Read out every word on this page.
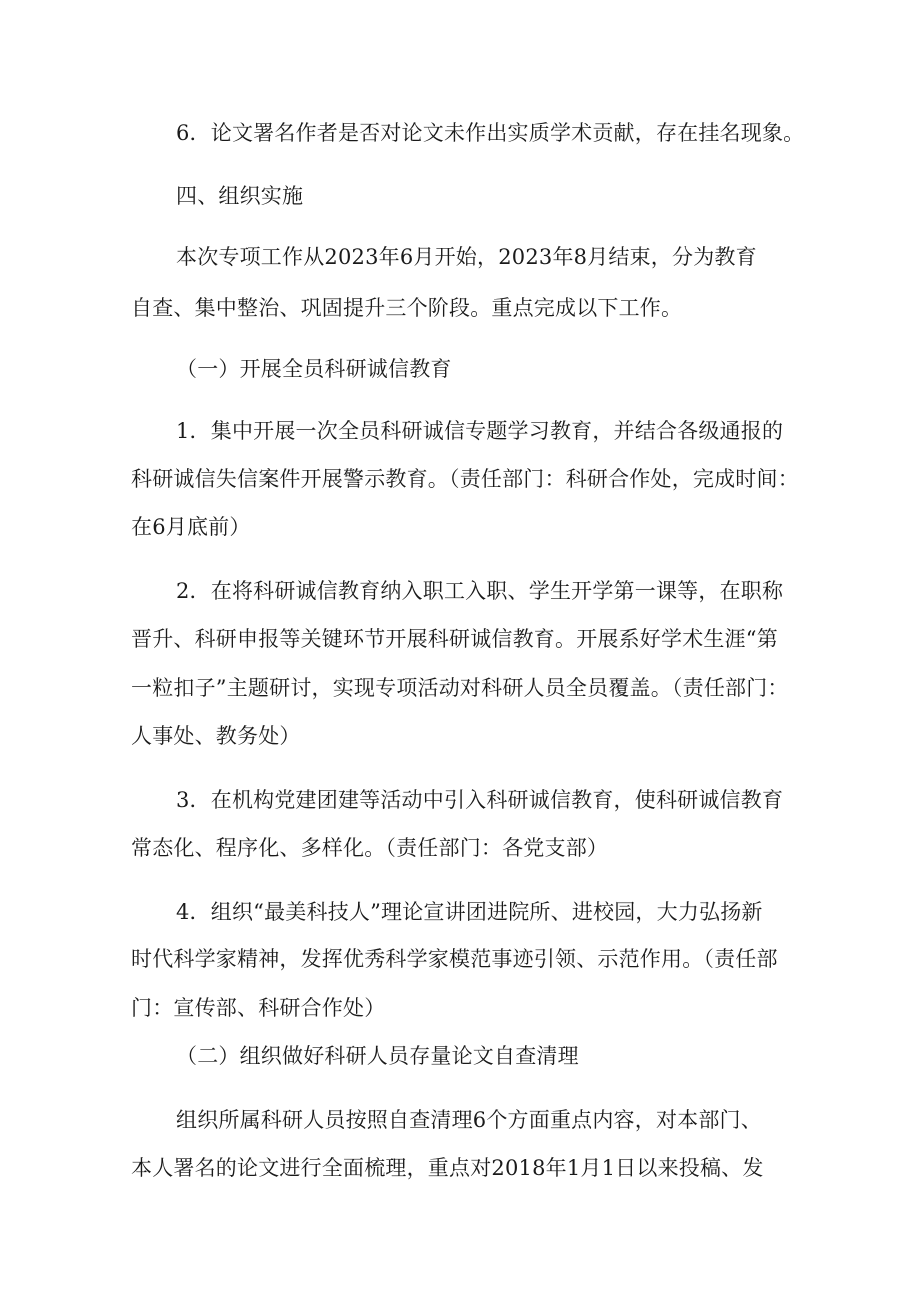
6．论文署名作者是否对论文未作出实质学术贡献，存在挂名现象。
四、组织实施
本次专项工作从2023年6月开始，2023年8月结束，分为教育
自查、集中整治、巩固提升三个阶段。重点完成以下工作。
（一）开展全员科研诚信教育
1．集中开展一次全员科研诚信专题学习教育，并结合各级通报的
科研诚信失信案件开展警示教育。（责任部门：科研合作处，完成时间：
在6月底前）
2．在将科研诚信教育纳入职工入职、学生开学第一课等，在职称
晋升、科研申报等关键环节开展科研诚信教育。开展系好学术生涯“第
一粒扣子”主题研讨，实现专项活动对科研人员全员覆盖。（责任部门：
人事处、教务处）
3．在机构党建团建等活动中引入科研诚信教育，使科研诚信教育
常态化、程序化、多样化。（责任部门：各党支部）
4．组织“最美科技人”理论宣讲团进院所、进校园，大力弘扬新
时代科学家精神，发挥优秀科学家模范事迹引领、示范作用。（责任部
门：宣传部、科研合作处）
（二）组织做好科研人员存量论文自查清理
组织所属科研人员按照自查清理6个方面重点内容，对本部门、
本人署名的论文进行全面梳理，重点对2018年1月1日以来投稿、发
